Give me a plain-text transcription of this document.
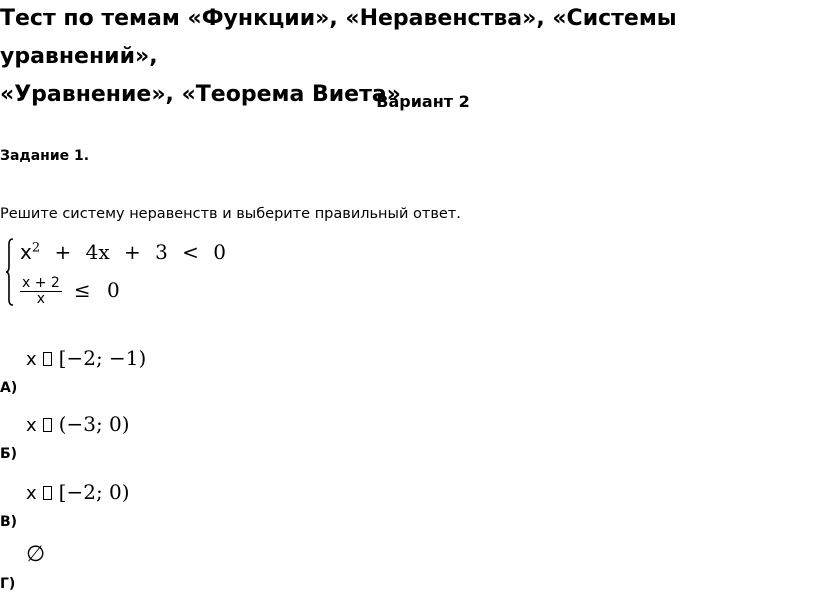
Тест по темам «Функции», «Неравенства», «Системы уравнений»,
«Уравнение», «Теорема Виета»
Вариант 2
Задание 1.
Решите систему неравенств и выберите правильный ответ.
$x^2 + 4x + 3 < 0$
$\frac{x + 2}{x} \le 0$
x [−2; −1)
А)
x (−3; 0)
Б)
x [−2; 0)
В)
∅
Г)
